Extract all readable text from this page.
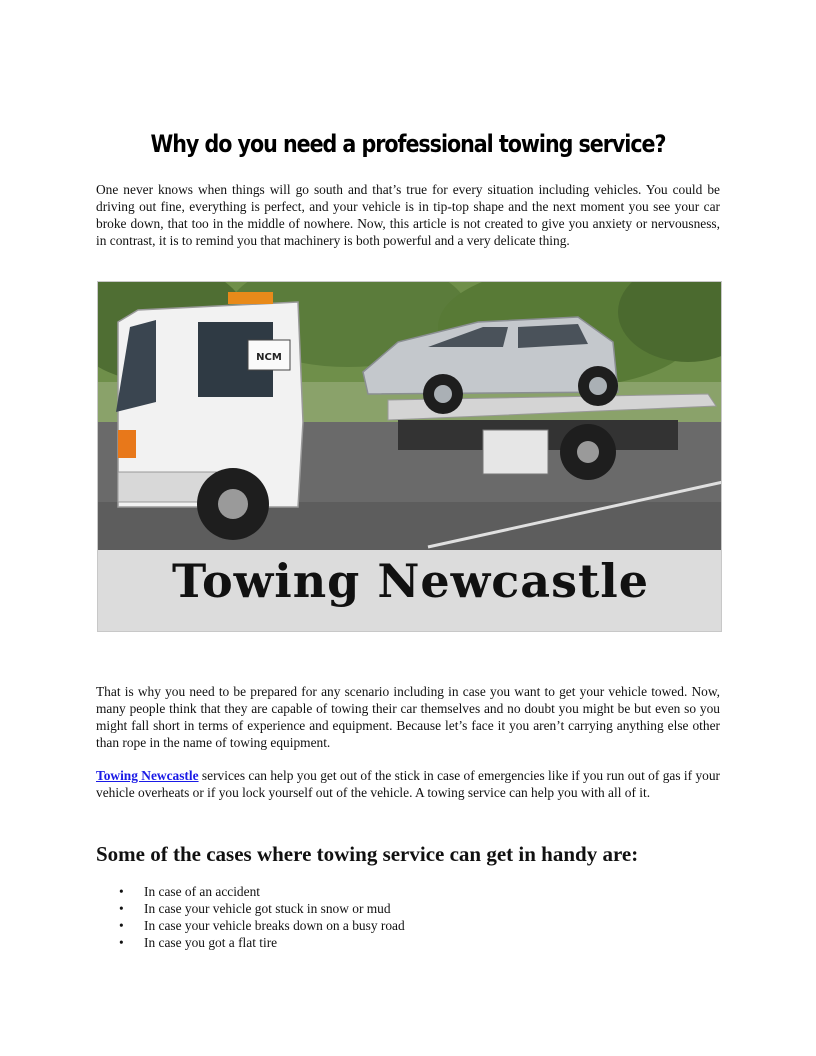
Why do you need a professional towing service?

One never knows when things will go south and that’s true for every situation including vehicles. You could be driving out fine, everything is perfect, and your vehicle is in tip-top shape and the next moment you see your car broke down, that too in the middle of nowhere. Now, this article is not created to give you anxiety or nervousness, in contrast, it is to remind you that machinery is both powerful and a very delicate thing.

NCM
Towing Newcastle

That is why you need to be prepared for any scenario including in case you want to get your vehicle towed. Now, many people think that they are capable of towing their car themselves and no doubt you might be but even so you might fall short in terms of experience and equipment. Because let’s face it you aren’t carrying anything else other than rope in the name of towing equipment.

Towing Newcastle services can help you get out of the stick in case of emergencies like if you run out of gas if your vehicle overheats or if you lock yourself out of the vehicle. A towing service can help you with all of it.

Some of the cases where towing service can get in handy are:
• In case of an accident
• In case your vehicle got stuck in snow or mud
• In case your vehicle breaks down on a busy road
• In case you got a flat tire
